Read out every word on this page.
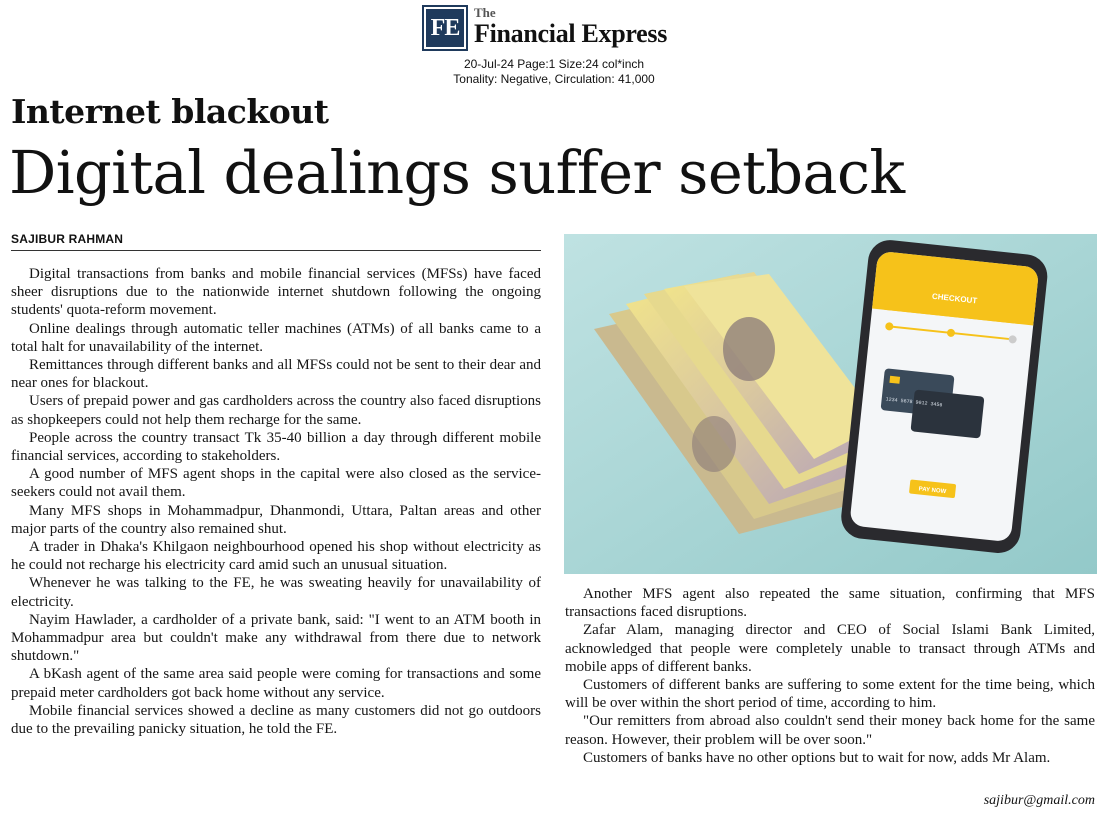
FE
The
Financial Express
20-Jul-24 Page:1 Size:24 col*inch
Tonality: Negative, Circulation: 41,000
Internet blackout
Digital dealings suffer setback
SAJIBUR RAHMAN

Digital transactions from banks and mobile financial services (MFSs) have faced sheer disruptions due to the nationwide internet shutdown following the ongoing students' quota-reform movement.

Online dealings through automatic teller machines (ATMs) of all banks came to a total halt for unavailability of the internet.

Remittances through different banks and all MFSs could not be sent to their dear and near ones for blackout.

Users of prepaid power and gas cardholders across the country also faced disruptions as shopkeepers could not help them recharge for the same.

People across the country transact Tk 35-40 billion a day through different mobile financial services, according to stakeholders.

A good number of MFS agent shops in the capital were also closed as the service-seekers could not avail them.

Many MFS shops in Mohammadpur, Dhanmondi, Uttara, Paltan areas and other major parts of the country also remained shut.

A trader in Dhaka's Khilgaon neighbourhood opened his shop without electricity as he could not recharge his electricity card amid such an unusual situation.

Whenever he was talking to the FE, he was sweating heavily for unavailability of electricity.

Nayim Hawlader, a cardholder of a private bank, said: "I went to an ATM booth in Mohammadpur area but couldn't make any withdrawal from there due to network shutdown."

A bKash agent of the same area said people were coming for transactions and some prepaid meter cardholders got back home without any service.

Mobile financial services showed a decline as many customers did not go outdoors due to the prevailing panicky situation, he told the FE.

CHECKOUT
1234 5678 9012 3456
PAY NOW

Another MFS agent also repeated the same situation, confirming that MFS transactions faced disruptions.

Zafar Alam, managing director and CEO of Social Islami Bank Limited, acknowledged that people were completely unable to transact through ATMs and mobile apps of different banks.

Customers of different banks are suffering to some extent for the time being, which will be over within the short period of time, according to him.

"Our remitters from abroad also couldn't send their money back home for the same reason. However, their problem will be over soon."

Customers of banks have no other options but to wait for now, adds Mr Alam.

sajibur@gmail.com
